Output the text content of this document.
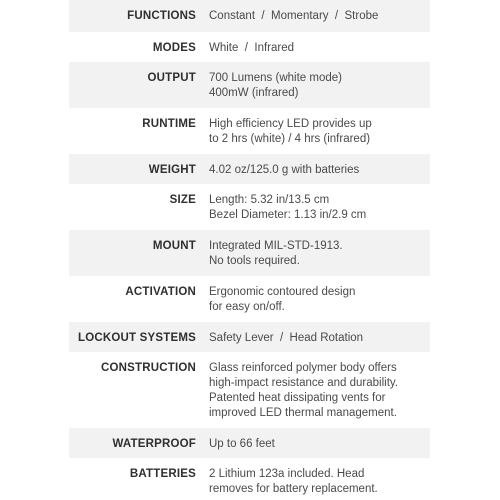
FUNCTIONS Constant  /  Momentary  /  Strobe
MODES White  /  Infrared
OUTPUT 700 Lumens (white mode)
400mW (infrared)
RUNTIME High efficiency LED provides up
to 2 hrs (white) / 4 hrs (infrared)
WEIGHT 4.02 oz/125.0 g with batteries
SIZE Length: 5.32 in/13.5 cm
Bezel Diameter: 1.13 in/2.9 cm
MOUNT Integrated MIL-STD-1913.
No tools required.
ACTIVATION Ergonomic contoured design
for easy on/off.
LOCKOUT SYSTEMS Safety Lever  /  Head Rotation
CONSTRUCTION Glass reinforced polymer body offers
high-impact resistance and durability.
Patented heat dissipating vents for
improved LED thermal management.
WATERPROOF Up to 66 feet
BATTERIES 2 Lithium 123a included. Head
removes for battery replacement.
